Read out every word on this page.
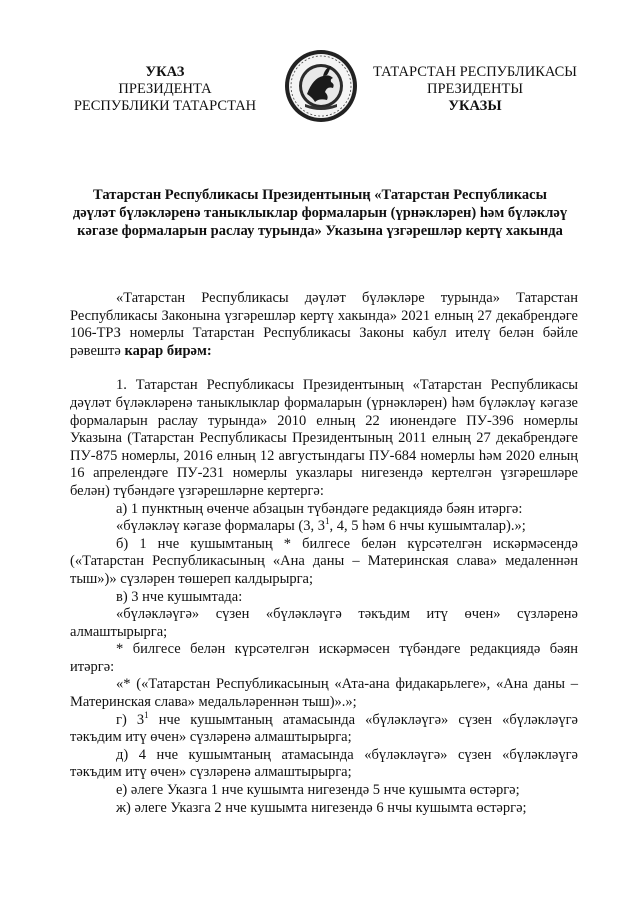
УКАЗ
ПРЕЗИДЕНТА
РЕСПУБЛИКИ ТАТАРСТАН
ТАТАРСТАН РЕСПУБЛИКАСЫ
ПРЕЗИДЕНТЫ
УКАЗЫ
Татарстан Республикасы Президентының «Татарстан Республикасы дәүләт бүләкләренә таныклыклар формаларын (үрнәкләрен) һәм бүләкләү кәгазе формаларын раслау турында» Указына үзгәрешләр кертү хакында

«Татарстан Республикасы дәүләт бүләкләре турында» Татарстан Республикасы Законына үзгәрешләр кертү хакында» 2021 елның 27 декабрендәге 106-ТРЗ номерлы Татарстан Республикасы Законы кабул ителү белән бәйле рәвештә карар бирәм:

1. Татарстан Республикасы Президентының «Татарстан Республикасы дәүләт бүләкләренә таныклыклар формаларын (үрнәкләрен) һәм бүләкләү кәгазе формаларын раслау турында» 2010 елның 22 июнендәге ПУ-396 номерлы Указына (Татарстан Республикасы Президентының 2011 елның 27 декабрендәге ПУ-875 номерлы, 2016 елның 12 августындагы ПУ-684 номерлы һәм 2020 елның 16 апрелендәге ПУ-231 номерлы указлары нигезендә кертелгән үзгәрешләре белән) түбәндәге үзгәрешләрне кертергә:

а) 1 пунктның өченче абзацын түбәндәге редакциядә бәян итәргә:

«бүләкләү кәгазе формалары (3, $3^1$, 4, 5 һәм 6 нчы кушымталар).»;

б) 1 нче кушымтаның * билгесе белән күрсәтелгән искәрмәсендә («Татарстан Республикасының «Ана даны – Материнская слава» медаленнән тыш»)» сүзләрен төшереп калдырырга;

в) 3 нче кушымтада:

«бүләкләүгә» сүзен «бүләкләүгә тәкъдим итү өчен» сүзләренә алмаштырырга;

* билгесе белән күрсәтелгән искәрмәсен түбәндәге редакциядә бәян итәргә:

«* («Татарстан Республикасының «Ата-ана фидакарьлеге», «Ана даны – Материнская слава» медальләреннән тыш)».»;

г) $3^1$ нче кушымтаның атамасында «бүләкләүгә» сүзен «бүләкләүгә тәкъдим итү өчен» сүзләренә алмаштырырга;

д) 4 нче кушымтаның атамасында «бүләкләүгә» сүзен «бүләкләүгә тәкъдим итү өчен» сүзләренә алмаштырырга;

е) әлеге Указга 1 нче кушымта нигезендә 5 нче кушымта өстәргә;

ж) әлеге Указга 2 нче кушымта нигезендә 6 нчы кушымта өстәргә;
